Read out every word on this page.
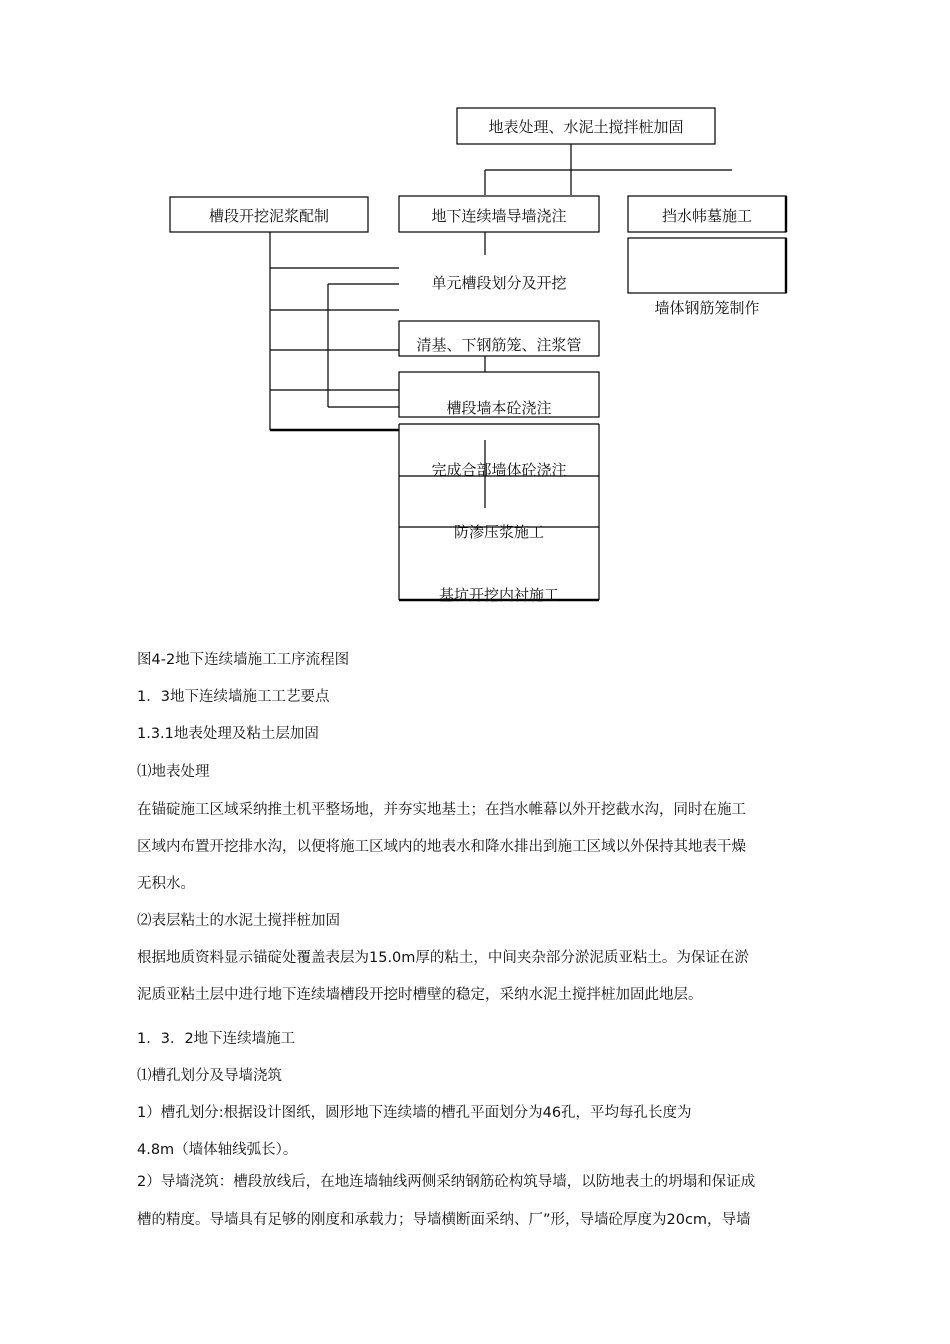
地表处理、水泥土搅拌桩加固
槽段开挖泥浆配制	地下连续墙导墙浇注	挡水帏墓施工
墙体钢筋笼制作
单元槽段划分及开挖
清基、下钢筋笼、注浆管
槽段墙本砼浇注
完成合部墙体砼浇注
防渗压浆施工
基坑开挖内衬施工
图4-2地下连续墙施工工序流程图
1．3地下连续墙施工工艺要点
1.3.1地表处理及粘土层加固
⑴地表处理
在锚碇施工区域采纳推土机平整场地，并夯实地基土；在挡水帷幕以外开挖截水沟，同时在施工
区域内布置开挖排水沟，以便将施工区域内的地表水和降水排出到施工区域以外保持其地表干燥
无积水。
⑵表层粘土的水泥土搅拌桩加固
根据地质资料显示锚碇处覆盖表层为15.0m厚的粘土，中间夹杂部分淤泥质亚粘土。为保证在淤
泥质亚粘土层中进行地下连续墙槽段开挖时槽壁的稳定，采纳水泥土搅拌桩加固此地层。
1．3．2地下连续墙施工
⑴槽孔划分及导墙浇筑
1）槽孔划分:根据设计图纸，圆形地下连续墙的槽孔平面划分为46孔，平均每孔长度为
4.8m（墙体轴线弧长）。
2）导墙浇筑：槽段放线后，在地连墙轴线两侧采纳钢筋砼构筑导墙，以防地表土的坍塌和保证成
槽的精度。导墙具有足够的刚度和承载力；导墙横断面采纳、厂”形，导墙砼厚度为20cm，导墙
